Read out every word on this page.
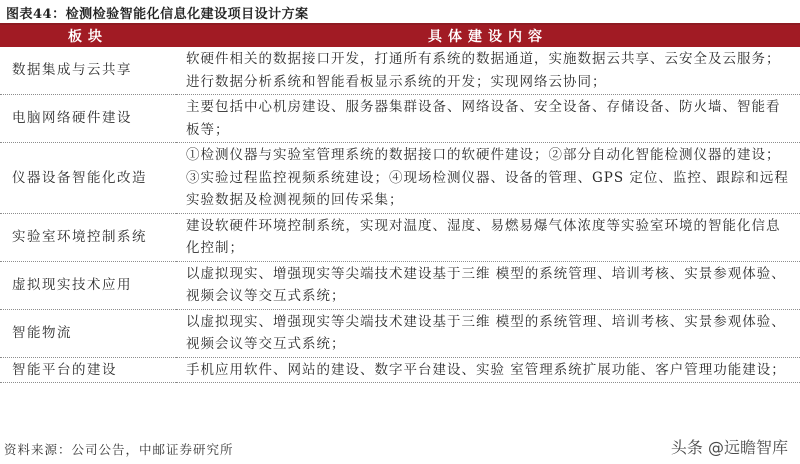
图表44：检测检验智能化信息化建设项目设计方案
板块	具体建设内容
数据集成与云共享	软硬件相关的数据接口开发，打通所有系统的数据通道，实施数据云共享、云安全及云服务；进行数据分析系统和智能看板显示系统的开发；实现网络云协同；
电脑网络硬件建设	主要包括中心机房建设、服务器集群设备、网络设备、安全设备、存储设备、防火墙、智能看板等；
仪器设备智能化改造	①检测仪器与实验室管理系统的数据接口的软硬件建设；②部分自动化智能检测仪器的建设；③实验过程监控视频系统建设；④现场检测仪器、设备的管理、GPS 定位、监控、跟踪和远程实验数据及检测视频的回传采集；
实验室环境控制系统	建设软硬件环境控制系统，实现对温度、湿度、易燃易爆气体浓度等实验室环境的智能化信息化控制；
虚拟现实技术应用	以虚拟现实、增强现实等尖端技术建设基于三维 模型的系统管理、培训考核、实景参观体验、视频会议等交互式系统；
智能物流	以虚拟现实、增强现实等尖端技术建设基于三维 模型的系统管理、培训考核、实景参观体验、视频会议等交互式系统；
智能平台的建设	手机应用软件、网站的建设、数字平台建设、实验 室管理系统扩展功能、客户管理功能建设；
资料来源：公司公告，中邮证券研究所	头条 @远瞻智库
